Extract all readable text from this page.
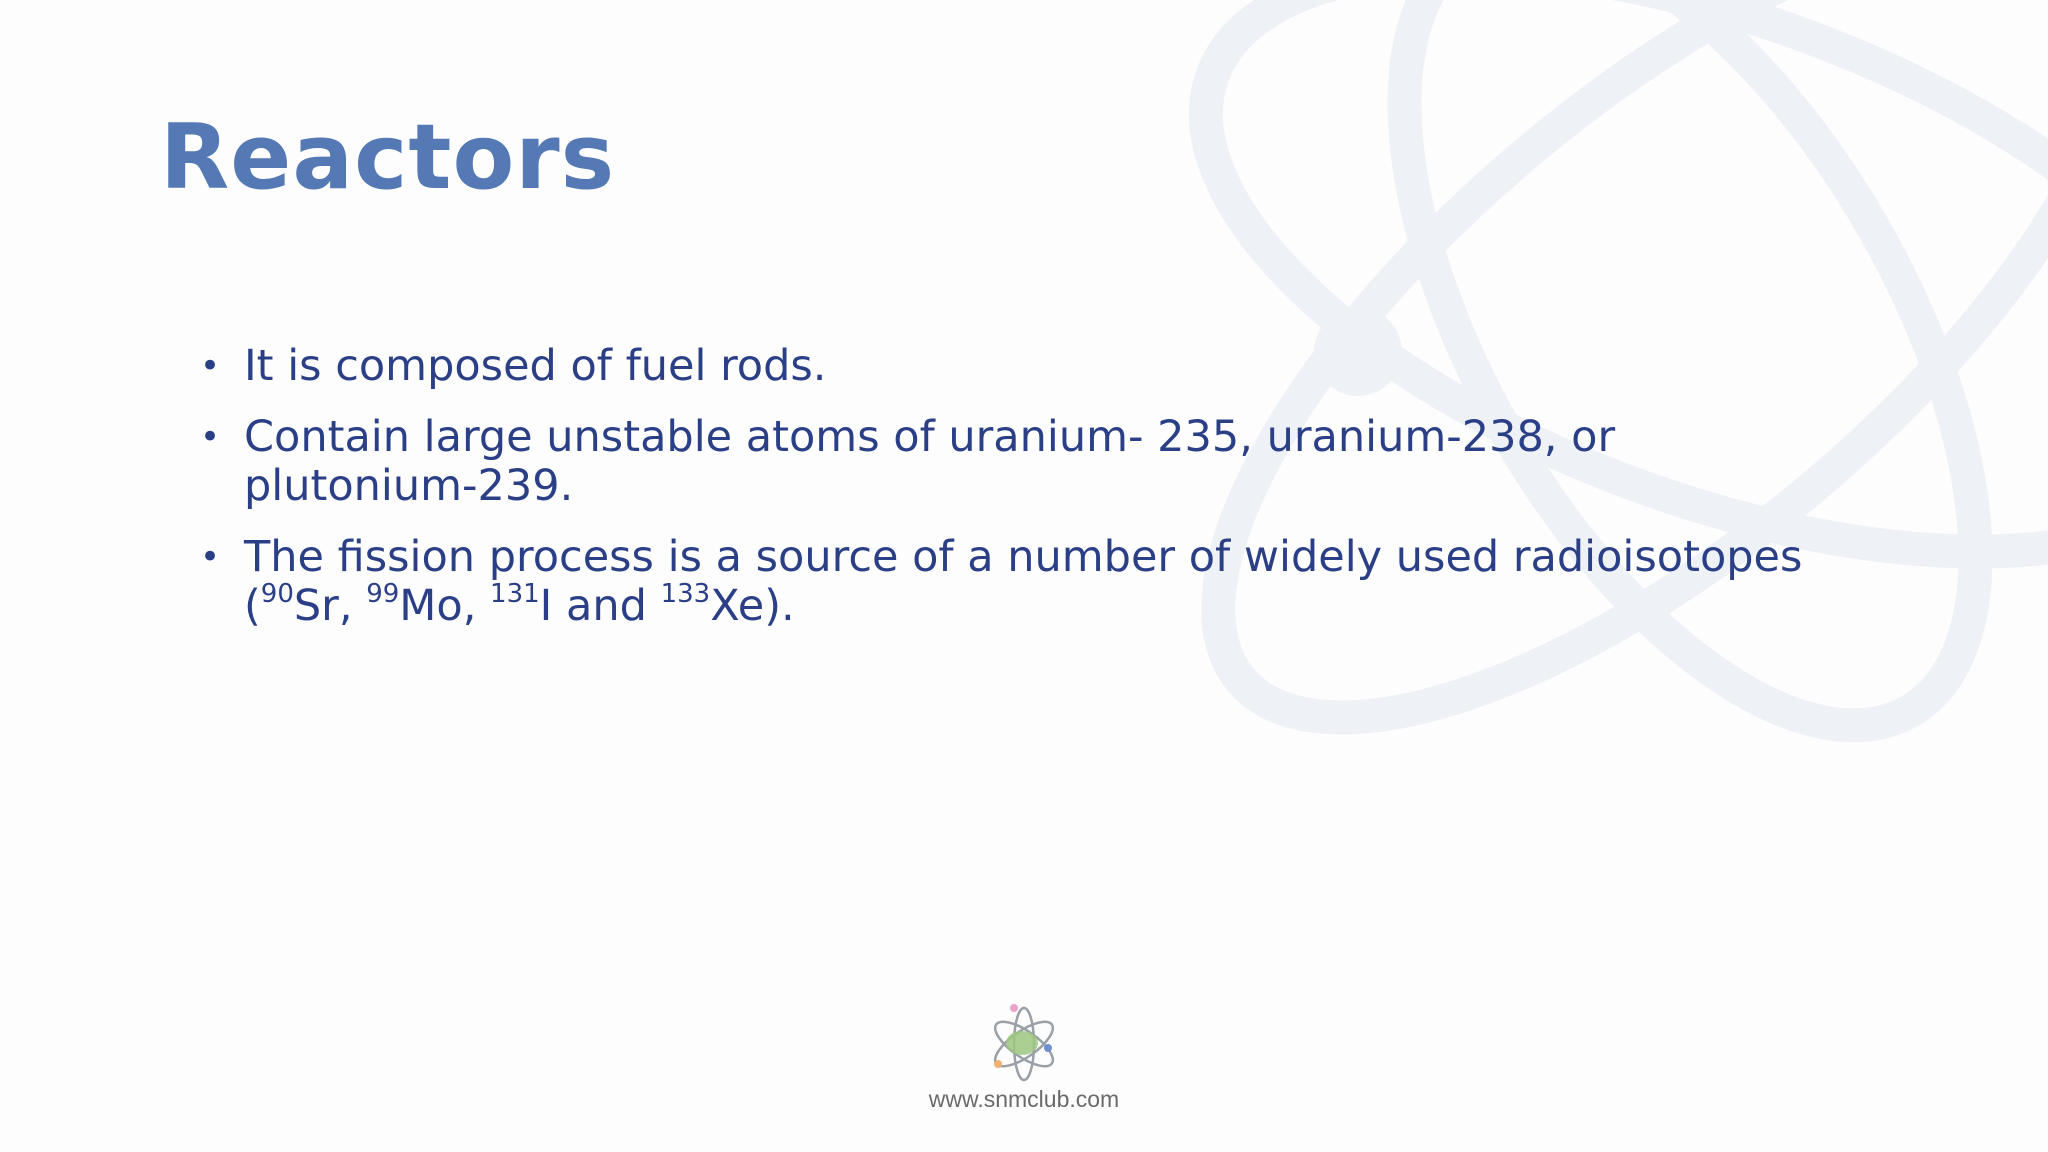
Reactors
• It is composed of fuel rods.
• Contain large unstable atoms of uranium- 235, uranium-238, or plutonium-239.
• The fission process is a source of a number of widely used radioisotopes ($^{90}$Sr, $^{99}$Mo, $^{131}$I and $^{133}$Xe).
www.snmclub.com
